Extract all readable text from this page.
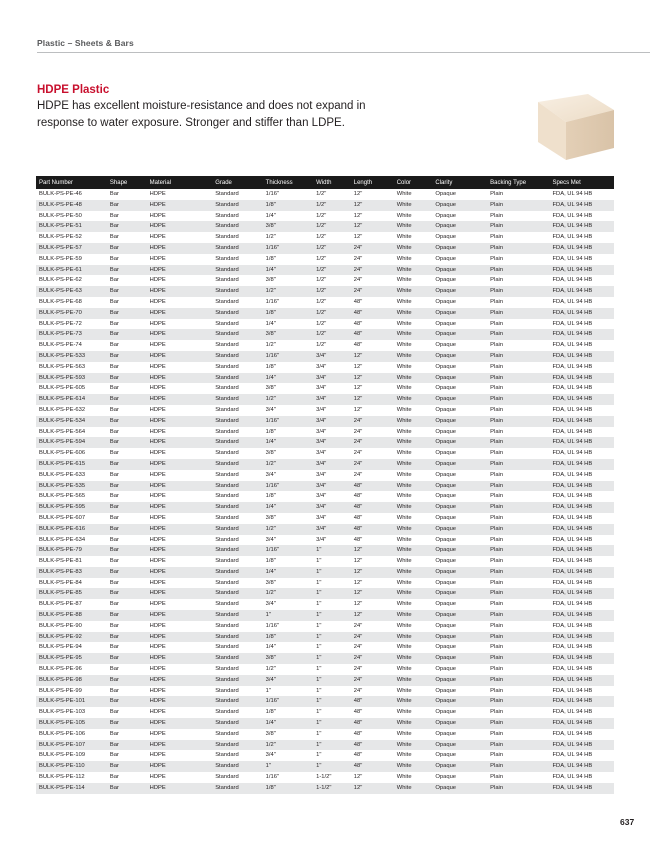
Plastic – Sheets & Bars
HDPE Plastic
HDPE has excellent moisture-resistance and does not expand in response to water exposure. Stronger and stiffer than LDPE.
Part Number	Shape	Material	Grade	Thickness	Width	Length	Color	Clarity	Backing Type	Specs Met
BULK-PS-PE-46	Bar	HDPE	Standard	1/16"	1/2"	12"	White	Opaque	Plain	FDA, UL 94 HB
BULK-PS-PE-48	Bar	HDPE	Standard	1/8"	1/2"	12"	White	Opaque	Plain	FDA, UL 94 HB
BULK-PS-PE-50	Bar	HDPE	Standard	1/4"	1/2"	12"	White	Opaque	Plain	FDA, UL 94 HB
BULK-PS-PE-51	Bar	HDPE	Standard	3/8"	1/2"	12"	White	Opaque	Plain	FDA, UL 94 HB
BULK-PS-PE-52	Bar	HDPE	Standard	1/2"	1/2"	12"	White	Opaque	Plain	FDA, UL 94 HB
BULK-PS-PE-57	Bar	HDPE	Standard	1/16"	1/2"	24"	White	Opaque	Plain	FDA, UL 94 HB
BULK-PS-PE-59	Bar	HDPE	Standard	1/8"	1/2"	24"	White	Opaque	Plain	FDA, UL 94 HB
BULK-PS-PE-61	Bar	HDPE	Standard	1/4"	1/2"	24"	White	Opaque	Plain	FDA, UL 94 HB
BULK-PS-PE-62	Bar	HDPE	Standard	3/8"	1/2"	24"	White	Opaque	Plain	FDA, UL 94 HB
BULK-PS-PE-63	Bar	HDPE	Standard	1/2"	1/2"	24"	White	Opaque	Plain	FDA, UL 94 HB
BULK-PS-PE-68	Bar	HDPE	Standard	1/16"	1/2"	48"	White	Opaque	Plain	FDA, UL 94 HB
BULK-PS-PE-70	Bar	HDPE	Standard	1/8"	1/2"	48"	White	Opaque	Plain	FDA, UL 94 HB
BULK-PS-PE-72	Bar	HDPE	Standard	1/4"	1/2"	48"	White	Opaque	Plain	FDA, UL 94 HB
BULK-PS-PE-73	Bar	HDPE	Standard	3/8"	1/2"	48"	White	Opaque	Plain	FDA, UL 94 HB
BULK-PS-PE-74	Bar	HDPE	Standard	1/2"	1/2"	48"	White	Opaque	Plain	FDA, UL 94 HB
BULK-PS-PE-533	Bar	HDPE	Standard	1/16"	3/4"	12"	White	Opaque	Plain	FDA, UL 94 HB
BULK-PS-PE-563	Bar	HDPE	Standard	1/8"	3/4"	12"	White	Opaque	Plain	FDA, UL 94 HB
BULK-PS-PE-593	Bar	HDPE	Standard	1/4"	3/4"	12"	White	Opaque	Plain	FDA, UL 94 HB
BULK-PS-PE-605	Bar	HDPE	Standard	3/8"	3/4"	12"	White	Opaque	Plain	FDA, UL 94 HB
BULK-PS-PE-614	Bar	HDPE	Standard	1/2"	3/4"	12"	White	Opaque	Plain	FDA, UL 94 HB
BULK-PS-PE-632	Bar	HDPE	Standard	3/4"	3/4"	12"	White	Opaque	Plain	FDA, UL 94 HB
BULK-PS-PE-534	Bar	HDPE	Standard	1/16"	3/4"	24"	White	Opaque	Plain	FDA, UL 94 HB
BULK-PS-PE-564	Bar	HDPE	Standard	1/8"	3/4"	24"	White	Opaque	Plain	FDA, UL 94 HB
BULK-PS-PE-594	Bar	HDPE	Standard	1/4"	3/4"	24"	White	Opaque	Plain	FDA, UL 94 HB
BULK-PS-PE-606	Bar	HDPE	Standard	3/8"	3/4"	24"	White	Opaque	Plain	FDA, UL 94 HB
BULK-PS-PE-615	Bar	HDPE	Standard	1/2"	3/4"	24"	White	Opaque	Plain	FDA, UL 94 HB
BULK-PS-PE-633	Bar	HDPE	Standard	3/4"	3/4"	24"	White	Opaque	Plain	FDA, UL 94 HB
BULK-PS-PE-535	Bar	HDPE	Standard	1/16"	3/4"	48"	White	Opaque	Plain	FDA, UL 94 HB
BULK-PS-PE-565	Bar	HDPE	Standard	1/8"	3/4"	48"	White	Opaque	Plain	FDA, UL 94 HB
BULK-PS-PE-595	Bar	HDPE	Standard	1/4"	3/4"	48"	White	Opaque	Plain	FDA, UL 94 HB
BULK-PS-PE-607	Bar	HDPE	Standard	3/8"	3/4"	48"	White	Opaque	Plain	FDA, UL 94 HB
BULK-PS-PE-616	Bar	HDPE	Standard	1/2"	3/4"	48"	White	Opaque	Plain	FDA, UL 94 HB
BULK-PS-PE-634	Bar	HDPE	Standard	3/4"	3/4"	48"	White	Opaque	Plain	FDA, UL 94 HB
BULK-PS-PE-79	Bar	HDPE	Standard	1/16"	1"	12"	White	Opaque	Plain	FDA, UL 94 HB
BULK-PS-PE-81	Bar	HDPE	Standard	1/8"	1"	12"	White	Opaque	Plain	FDA, UL 94 HB
BULK-PS-PE-83	Bar	HDPE	Standard	1/4"	1"	12"	White	Opaque	Plain	FDA, UL 94 HB
BULK-PS-PE-84	Bar	HDPE	Standard	3/8"	1"	12"	White	Opaque	Plain	FDA, UL 94 HB
BULK-PS-PE-85	Bar	HDPE	Standard	1/2"	1"	12"	White	Opaque	Plain	FDA, UL 94 HB
BULK-PS-PE-87	Bar	HDPE	Standard	3/4"	1"	12"	White	Opaque	Plain	FDA, UL 94 HB
BULK-PS-PE-88	Bar	HDPE	Standard	1"	1"	12"	White	Opaque	Plain	FDA, UL 94 HB
BULK-PS-PE-90	Bar	HDPE	Standard	1/16"	1"	24"	White	Opaque	Plain	FDA, UL 94 HB
BULK-PS-PE-92	Bar	HDPE	Standard	1/8"	1"	24"	White	Opaque	Plain	FDA, UL 94 HB
BULK-PS-PE-94	Bar	HDPE	Standard	1/4"	1"	24"	White	Opaque	Plain	FDA, UL 94 HB
BULK-PS-PE-95	Bar	HDPE	Standard	3/8"	1"	24"	White	Opaque	Plain	FDA, UL 94 HB
BULK-PS-PE-96	Bar	HDPE	Standard	1/2"	1"	24"	White	Opaque	Plain	FDA, UL 94 HB
BULK-PS-PE-98	Bar	HDPE	Standard	3/4"	1"	24"	White	Opaque	Plain	FDA, UL 94 HB
BULK-PS-PE-99	Bar	HDPE	Standard	1"	1"	24"	White	Opaque	Plain	FDA, UL 94 HB
BULK-PS-PE-101	Bar	HDPE	Standard	1/16"	1"	48"	White	Opaque	Plain	FDA, UL 94 HB
BULK-PS-PE-103	Bar	HDPE	Standard	1/8"	1"	48"	White	Opaque	Plain	FDA, UL 94 HB
BULK-PS-PE-105	Bar	HDPE	Standard	1/4"	1"	48"	White	Opaque	Plain	FDA, UL 94 HB
BULK-PS-PE-106	Bar	HDPE	Standard	3/8"	1"	48"	White	Opaque	Plain	FDA, UL 94 HB
BULK-PS-PE-107	Bar	HDPE	Standard	1/2"	1"	48"	White	Opaque	Plain	FDA, UL 94 HB
BULK-PS-PE-109	Bar	HDPE	Standard	3/4"	1"	48"	White	Opaque	Plain	FDA, UL 94 HB
BULK-PS-PE-110	Bar	HDPE	Standard	1"	1"	48"	White	Opaque	Plain	FDA, UL 94 HB
BULK-PS-PE-112	Bar	HDPE	Standard	1/16"	1-1/2"	12"	White	Opaque	Plain	FDA, UL 94 HB
BULK-PS-PE-114	Bar	HDPE	Standard	1/8"	1-1/2"	12"	White	Opaque	Plain	FDA, UL 94 HB
637
